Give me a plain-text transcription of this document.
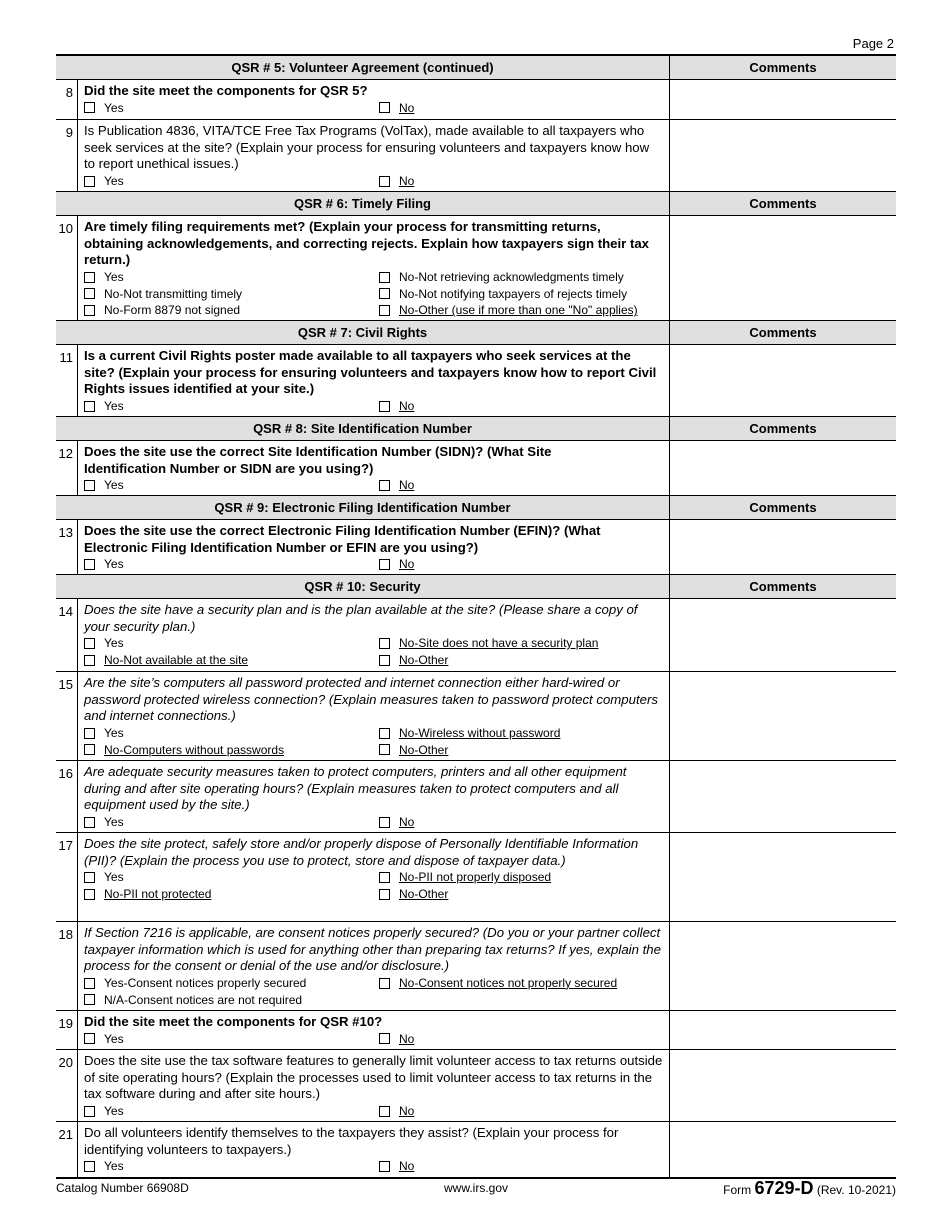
Page 2
QSR # 5: Volunteer Agreement (continued)	Comments
8 Did the site meet the components for QSR 5?
Yes	No
9 Is Publication 4836, VITA/TCE Free Tax Programs (VolTax), made available to all taxpayers who seek services at the site? (Explain your process for ensuring volunteers and taxpayers know how to report unethical issues.)
Yes	No
QSR # 6: Timely Filing	Comments
10 Are timely filing requirements met? (Explain your process for transmitting returns, obtaining acknowledgements, and correcting rejects. Explain how taxpayers sign their tax return.)
Yes	No-Not retrieving acknowledgments timely
No-Not transmitting timely	No-Not notifying taxpayers of rejects timely
No-Form 8879 not signed	No-Other (use if more than one "No" applies)
QSR # 7: Civil Rights	Comments
11 Is a current Civil Rights poster made available to all taxpayers who seek services at the site? (Explain your process for ensuring volunteers and taxpayers know how to report Civil Rights issues identified at your site.)
Yes	No
QSR # 8: Site Identification Number	Comments
12 Does the site use the correct Site Identification Number (SIDN)? (What Site Identification Number or SIDN are you using?)
Yes	No
QSR # 9: Electronic Filing Identification Number	Comments
13 Does the site use the correct Electronic Filing Identification Number (EFIN)? (What Electronic Filing Identification Number or EFIN are you using?)
Yes	No
QSR # 10: Security	Comments
14 Does the site have a security plan and is the plan available at the site? (Please share a copy of your security plan.)
Yes	No-Site does not have a security plan
No-Not available at the site	No-Other
15 Are the site’s computers all password protected and internet connection either hard-wired or password protected wireless connection? (Explain measures taken to password protect computers and internet connections.)
Yes	No-Wireless without password
No-Computers without passwords	No-Other
16 Are adequate security measures taken to protect computers, printers and all other equipment during and after site operating hours? (Explain measures taken to protect computers and all equipment used by the site.)
Yes	No
17 Does the site protect, safely store and/or properly dispose of Personally Identifiable Information (PII)? (Explain the process you use to protect, store and dispose of taxpayer data.)
Yes	No-PII not properly disposed
No-PII not protected	No-Other
18 If Section 7216 is applicable, are consent notices properly secured? (Do you or your partner collect taxpayer information which is used for anything other than preparing tax returns? If yes, explain the process for the consent or denial of the use and/or disclosure.)
Yes-Consent notices properly secured	No-Consent notices not properly secured
N/A-Consent notices are not required
19 Did the site meet the components for QSR #10?
Yes	No
20 Does the site use the tax software features to generally limit volunteer access to tax returns outside of site operating hours? (Explain the processes used to limit volunteer access to tax returns in the tax software during and after site hours.)
Yes	No
21 Do all volunteers identify themselves to the taxpayers they assist? (Explain your process for identifying volunteers to taxpayers.)
Yes	No
Catalog Number 66908D	www.irs.gov	Form 6729-D (Rev. 10-2021)
